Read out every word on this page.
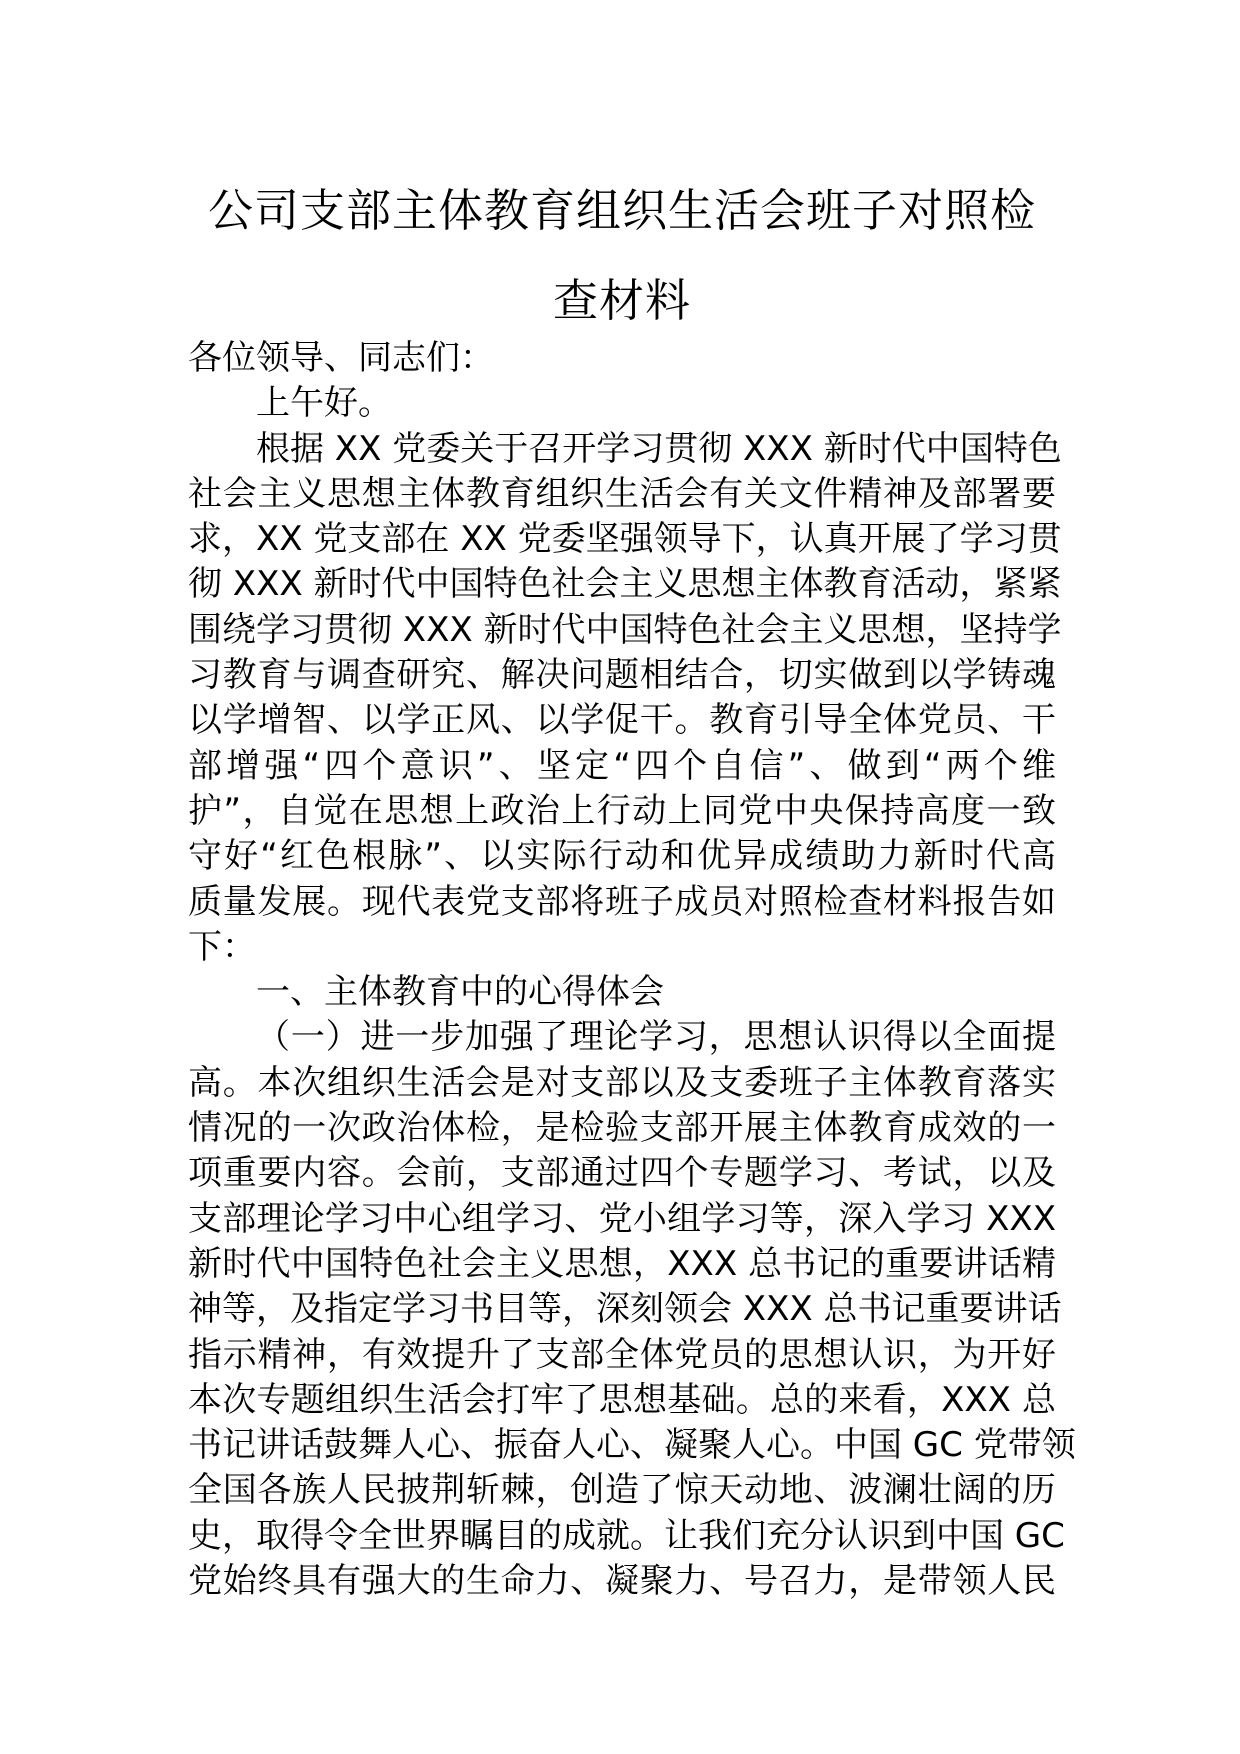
公司支部主体教育组织生活会班子对照检
查材料
各位领导、同志们：
上午好。
根据 XX 党委关于召开学习贯彻 XXX 新时代中国特色
社会主义思想主体教育组织生活会有关文件精神及部署要
求，XX 党支部在 XX 党委坚强领导下，认真开展了学习贯
彻 XXX 新时代中国特色社会主义思想主体教育活动，紧紧
围绕学习贯彻 XXX 新时代中国特色社会主义思想，坚持学
习教育与调查研究、解决问题相结合，切实做到以学铸魂
以学增智、以学正风、以学促干。教育引导全体党员、干
部增强“四个意识”、坚定“四个自信”、做到“两个维
护”，自觉在思想上政治上行动上同党中央保持高度一致
守好“红色根脉”、以实际行动和优异成绩助力新时代高
质量发展。现代表党支部将班子成员对照检查材料报告如
下：
一、主体教育中的心得体会
（一）进一步加强了理论学习，思想认识得以全面提
高。本次组织生活会是对支部以及支委班子主体教育落实
情况的一次政治体检，是检验支部开展主体教育成效的一
项重要内容。会前，支部通过四个专题学习、考试，以及
支部理论学习中心组学习、党小组学习等，深入学习 XXX
新时代中国特色社会主义思想，XXX 总书记的重要讲话精
神等，及指定学习书目等，深刻领会 XXX 总书记重要讲话
指示精神，有效提升了支部全体党员的思想认识，为开好
本次专题组织生活会打牢了思想基础。总的来看，XXX 总
书记讲话鼓舞人心、振奋人心、凝聚人心。中国 GC 党带领
全国各族人民披荆斩棘，创造了惊天动地、波澜壮阔的历
史，取得令全世界瞩目的成就。让我们充分认识到中国 GC
党始终具有强大的生命力、凝聚力、号召力，是带领人民
